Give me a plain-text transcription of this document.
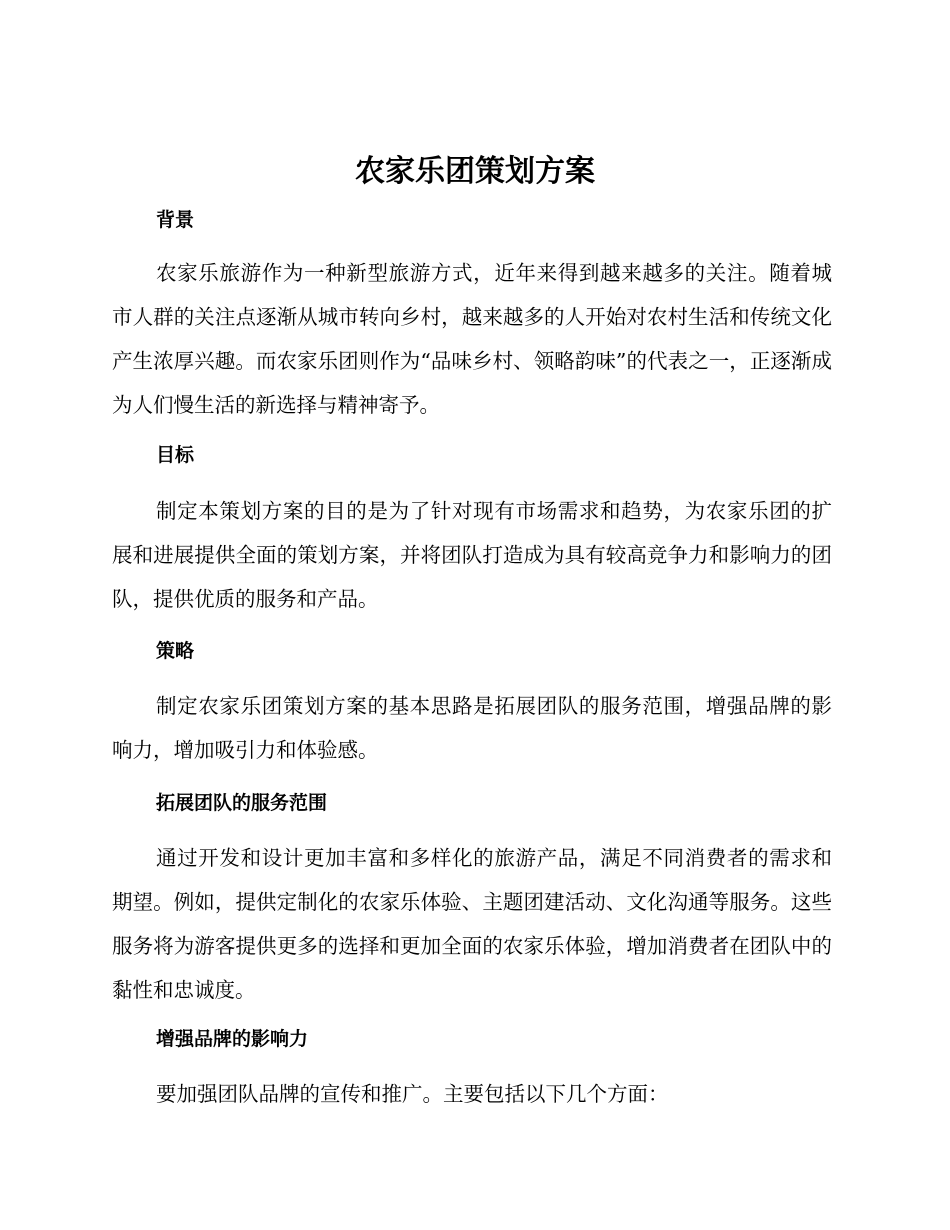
农家乐团策划方案
背景

农家乐旅游作为一种新型旅游方式，近年来得到越来越多的关注。随着城市人群的关注点逐渐从城市转向乡村，越来越多的人开始对农村生活和传统文化产生浓厚兴趣。而农家乐团则作为“品味乡村、领略韵味”的代表之一，正逐渐成为人们慢生活的新选择与精神寄予。

目标

制定本策划方案的目的是为了针对现有市场需求和趋势，为农家乐团的扩展和进展提供全面的策划方案，并将团队打造成为具有较高竞争力和影响力的团队，提供优质的服务和产品。

策略

制定农家乐团策划方案的基本思路是拓展团队的服务范围，增强品牌的影响力，增加吸引力和体验感。

拓展团队的服务范围

通过开发和设计更加丰富和多样化的旅游产品，满足不同消费者的需求和期望。例如，提供定制化的农家乐体验、主题团建活动、文化沟通等服务。这些服务将为游客提供更多的选择和更加全面的农家乐体验，增加消费者在团队中的黏性和忠诚度。

增强品牌的影响力

要加强团队品牌的宣传和推广。主要包括以下几个方面：
